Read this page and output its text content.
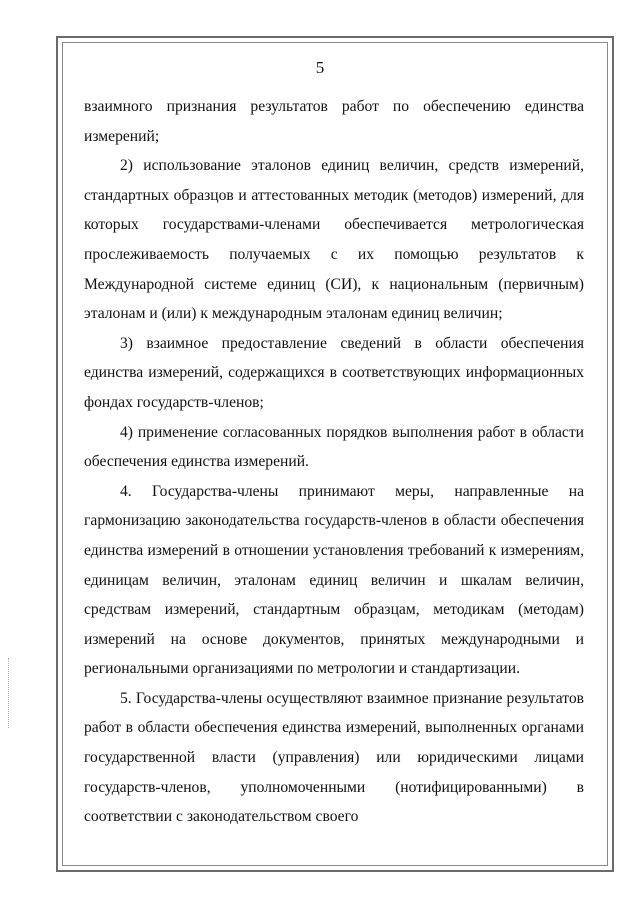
5

взаимного признания результатов работ по обеспечению единства измерений;

2) использование эталонов единиц величин, средств измерений, стандартных образцов и аттестованных методик (методов) измерений, для которых государствами-членами обеспечивается метрологическая прослеживаемость получаемых с их помощью результатов к Международной системе единиц (СИ), к национальным (первичным) эталонам и (или) к международным эталонам единиц величин;

3) взаимное предоставление сведений в области обеспечения единства измерений, содержащихся в соответствующих информационных фондах государств-членов;

4) применение согласованных порядков выполнения работ в области обеспечения единства измерений.

4. Государства-члены принимают меры, направленные на гармонизацию законодательства государств-членов в области обеспечения единства измерений в отношении установления требований к измерениям, единицам величин, эталонам единиц величин и шкалам величин, средствам измерений, стандартным образцам, методикам (методам) измерений на основе документов, принятых международными и региональными организациями по метрологии и стандартизации.

5. Государства-члены осуществляют взаимное признание результатов работ в области обеспечения единства измерений, выполненных органами государственной власти (управления) или юридическими лицами государств-членов, уполномоченными (нотифицированными) в соответствии с законодательством своего
